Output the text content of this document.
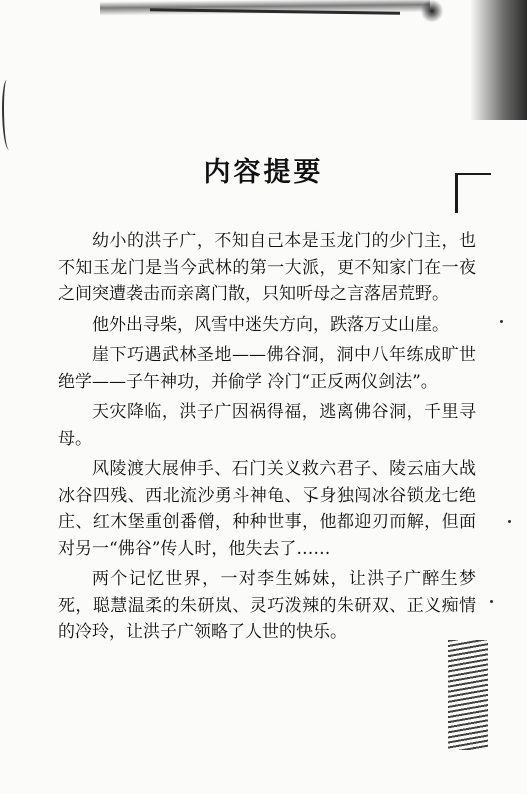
内容提要

幼小的洪子广，不知自己本是玉龙门的少门主，也不知玉龙门是当今武林的第一大派，更不知家门在一夜之间突遭袭击而亲离门散，只知听母之言落居荒野。

他外出寻柴，风雪中迷失方向，跌落万丈山崖。

崖下巧遇武林圣地——佛谷洞，洞中八年练成旷世绝学——子午神功，并偷学 冷门“正反两仪剑法”。

天灾降临，洪子广因祸得福，逃离佛谷洞，千里寻母。

风陵渡大展伸手、石门关义救六君子、陵云庙大战冰谷四残、西北流沙勇斗神龟、孓身独闯冰谷锁龙七绝庄、红木堡重创番僧，种种世事，他都迎刃而解，但面对另一“佛谷”传人时，他失去了……

两个记忆世界，一对李生姊妹，让洪子广醉生梦死，聪慧温柔的朱研岚、灵巧泼辣的朱研双、正义痴情的冷玲，让洪子广领略了人世的快乐。
